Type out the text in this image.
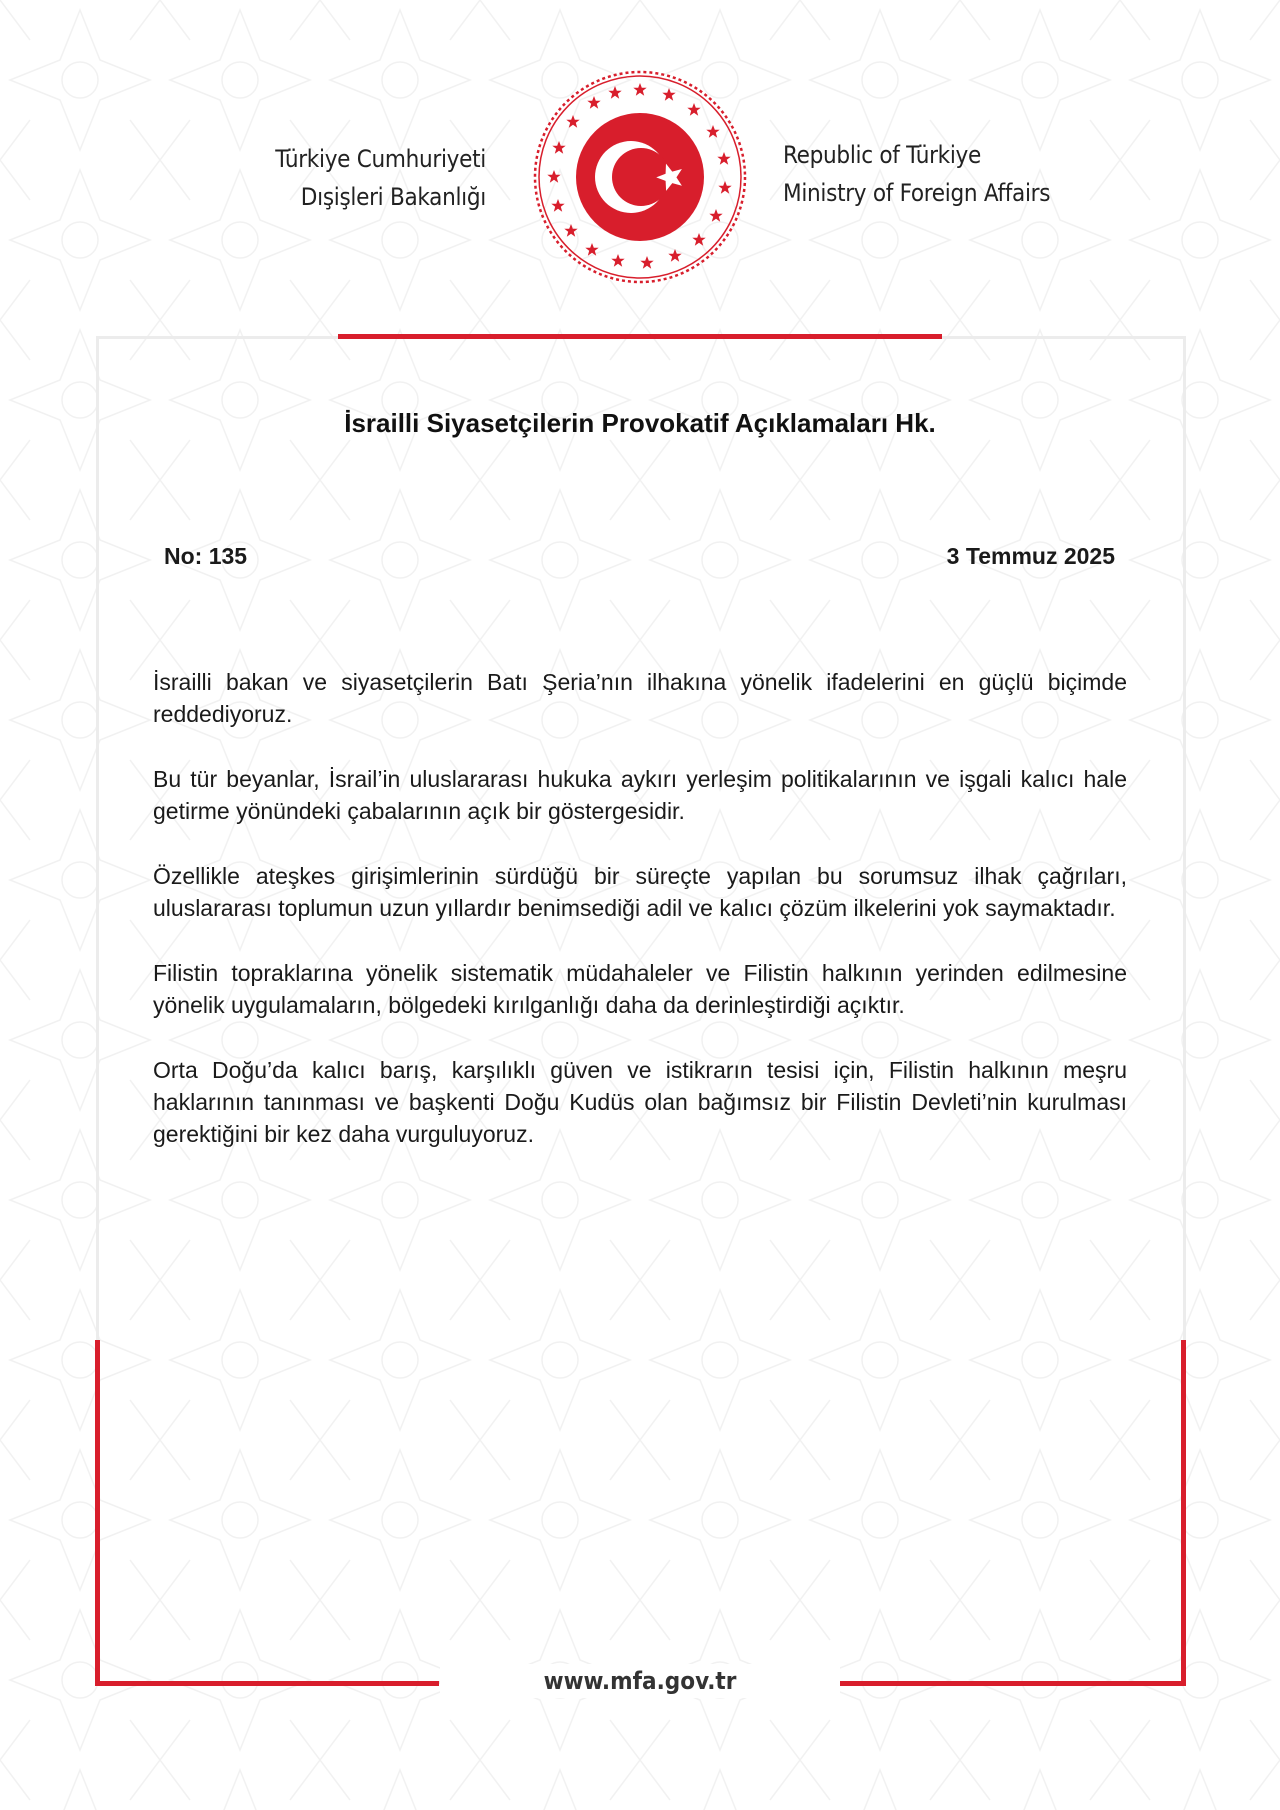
Türkiye Cumhuriyeti
Dışişleri Bakanlığı
Republic of Türkiye
Ministry of Foreign Affairs
İsrailli Siyasetçilerin Provokatif Açıklamaları Hk.
No: 135	3 Temmuz 2025

İsrailli bakan ve siyasetçilerin Batı Şeria’nın ilhakına yönelik ifadelerini en güçlü biçimde reddediyoruz.

Bu tür beyanlar, İsrail’in uluslararası hukuka aykırı yerleşim politikalarının ve işgali kalıcı hale getirme yönündeki çabalarının açık bir göstergesidir.

Özellikle ateşkes girişimlerinin sürdüğü bir süreçte yapılan bu sorumsuz ilhak çağrıları, uluslararası toplumun uzun yıllardır benimsediği adil ve kalıcı çözüm ilkelerini yok saymaktadır.

Filistin topraklarına yönelik sistematik müdahaleler ve Filistin halkının yerinden edilmesine yönelik uygulamaların, bölgedeki kırılganlığı daha da derinleştirdiği açıktır.

Orta Doğu’da kalıcı barış, karşılıklı güven ve istikrarın tesisi için, Filistin halkının meşru haklarının tanınması ve başkenti Doğu Kudüs olan bağımsız bir Filistin Devleti’nin kurulması gerektiğini bir kez daha vurguluyoruz.

www.mfa.gov.tr
